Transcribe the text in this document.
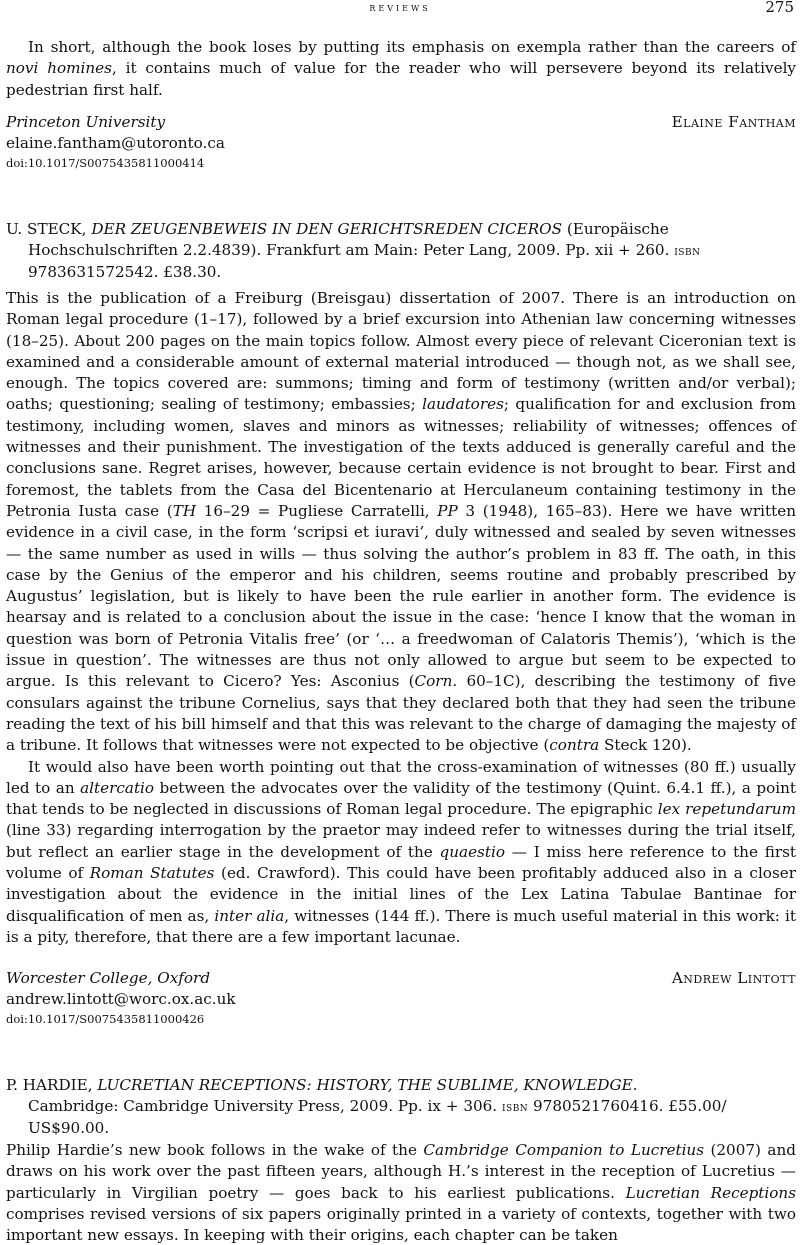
reviews	275

In short, although the book loses by putting its emphasis on exempla rather than the careers of novi homines, it contains much of value for the reader who will persevere beyond its relatively pedestrian first half.

Princeton University	Elaine Fantham
elaine.fantham@utoronto.ca
doi:10.1017/S0075435811000414
U. STECK, DER ZEUGENBEWEIS IN DEN GERICHTSREDEN CICEROS (Europäische
Hochschulschriften 2.2.4839). Frankfurt am Main: Peter Lang, 2009. Pp. xii + 260. isbn
9783631572542. £38.30.

This is the publication of a Freiburg (Breisgau) dissertation of 2007. There is an introduction on Roman legal procedure (1–17), followed by a brief excursion into Athenian law concerning witnesses (18–25). About 200 pages on the main topics follow. Almost every piece of relevant Ciceronian text is examined and a considerable amount of external material introduced — though not, as we shall see, enough. The topics covered are: summons; timing and form of testimony (written and/or verbal); oaths; questioning; sealing of testimony; embassies; laudatores; qualification for and exclusion from testimony, including women, slaves and minors as witnesses; reliability of witnesses; offences of witnesses and their punishment. The investigation of the texts adduced is generally careful and the conclusions sane. Regret arises, however, because certain evidence is not brought to bear. First and foremost, the tablets from the Casa del Bicentenario at Herculaneum containing testimony in the Petronia Iusta case (TH 16–29 = Pugliese Carratelli, PP 3 (1948), 165–83). Here we have written evidence in a civil case, in the form ‘scripsi et iuravi’, duly witnessed and sealed by seven witnesses — the same number as used in wills — thus solving the author’s problem in 83 ff. The oath, in this case by the Genius of the emperor and his children, seems routine and probably prescribed by Augustus’ legislation, but is likely to have been the rule earlier in another form. The evidence is hearsay and is related to a conclusion about the issue in the case: ‘hence I know that the woman in question was born of Petronia Vitalis free’ (or ‘… a freedwoman of Calatoris Themis’), ‘which is the issue in question’. The witnesses are thus not only allowed to argue but seem to be expected to argue. Is this relevant to Cicero? Yes: Asconius (Corn. 60–1C), describing the testimony of five consulars against the tribune Cornelius, says that they declared both that they had seen the tribune reading the text of his bill himself and that this was relevant to the charge of damaging the majesty of a tribune. It follows that witnesses were not expected to be objective (contra Steck 120).

It would also have been worth pointing out that the cross-examination of witnesses (80 ff.) usually led to an altercatio between the advocates over the validity of the testimony (Quint. 6.4.1 ff.), a point that tends to be neglected in discussions of Roman legal procedure. The epigraphic lex repetundarum (line 33) regarding interrogation by the praetor may indeed refer to witnesses during the trial itself, but reflect an earlier stage in the development of the quaestio — I miss here reference to the first volume of Roman Statutes (ed. Crawford). This could have been profitably adduced also in a closer investigation about the evidence in the initial lines of the Lex Latina Tabulae Bantinae for disqualification of men as, inter alia, witnesses (144 ff.). There is much useful material in this work: it is a pity, therefore, that there are a few important lacunae.

Worcester College, Oxford	Andrew Lintott
andrew.lintott@worc.ox.ac.uk
doi:10.1017/S0075435811000426
P. HARDIE, LUCRETIAN RECEPTIONS: HISTORY, THE SUBLIME, KNOWLEDGE.
Cambridge: Cambridge University Press, 2009. Pp. ix + 306. isbn 9780521760416. £55.00/
US$90.00.

Philip Hardie’s new book follows in the wake of the Cambridge Companion to Lucretius (2007) and draws on his work over the past fifteen years, although H.’s interest in the reception of Lucretius — particularly in Virgilian poetry — goes back to his earliest publications. Lucretian Receptions comprises revised versions of six papers originally printed in a variety of contexts, together with two important new essays. In keeping with their origins, each chapter can be taken
